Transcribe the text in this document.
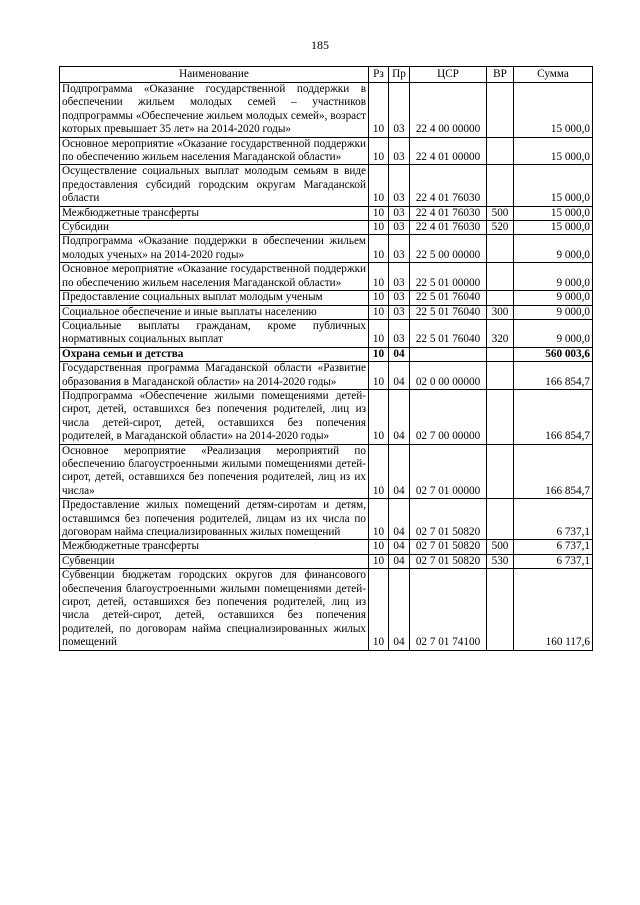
185
Наименование	Рз	Пр	ЦСР	ВР	Сумма
Подпрограмма «Оказание государственной поддержки в обеспечении жильем молодых семей – участников подпрограммы «Обеспечение жильем молодых семей», возраст которых превышает 35 лет» на 2014-2020 годы»	10	03	22 4 00 00000		15 000,0
Основное мероприятие «Оказание государственной поддержки по обеспечению жильем населения Магаданской области»	10	03	22 4 01 00000		15 000,0
Осуществление социальных выплат молодым семьям в виде предоставления субсидий городским округам Магаданской области	10	03	22 4 01 76030		15 000,0
Межбюджетные трансферты	10	03	22 4 01 76030	500	15 000,0
Субсидии	10	03	22 4 01 76030	520	15 000,0
Подпрограмма «Оказание поддержки в обеспечении жильем молодых ученых» на 2014-2020 годы»	10	03	22 5 00 00000		9 000,0
Основное мероприятие «Оказание государственной поддержки по обеспечению жильем населения Магаданской области»	10	03	22 5 01 00000		9 000,0
Предоставление социальных выплат молодым ученым	10	03	22 5 01 76040		9 000,0
Социальное обеспечение и иные выплаты населению	10	03	22 5 01 76040	300	9 000,0
Социальные выплаты гражданам, кроме публичных нормативных социальных выплат	10	03	22 5 01 76040	320	9 000,0
Охрана семьи и детства	10	04			560 003,6
Государственная программа Магаданской области «Развитие образования в Магаданской области» на 2014-2020 годы»	10	04	02 0 00 00000		166 854,7
Подпрограмма «Обеспечение жилыми помещениями детей-сирот, детей, оставшихся без попечения родителей, лиц из числа детей-сирот, детей, оставшихся без попечения родителей, в Магаданской области» на 2014-2020 годы»	10	04	02 7 00 00000		166 854,7
Основное мероприятие «Реализация мероприятий по обеспечению благоустроенными жилыми помещениями детей-сирот, детей, оставшихся без попечения родителей, лиц из их числа»	10	04	02 7 01 00000		166 854,7
Предоставление жилых помещений детям-сиротам и детям, оставшимся без попечения родителей, лицам из их числа по договорам найма специализированных жилых помещений	10	04	02 7 01 50820		6 737,1
Межбюджетные трансферты	10	04	02 7 01 50820	500	6 737,1
Субвенции	10	04	02 7 01 50820	530	6 737,1
Субвенции бюджетам городских округов для финансового обеспечения благоустроенными жилыми помещениями детей-сирот, детей, оставшихся без попечения родителей, лиц из числа детей-сирот, детей, оставшихся без попечения родителей, по договорам найма специализированных жилых помещений	10	04	02 7 01 74100		160 117,6
